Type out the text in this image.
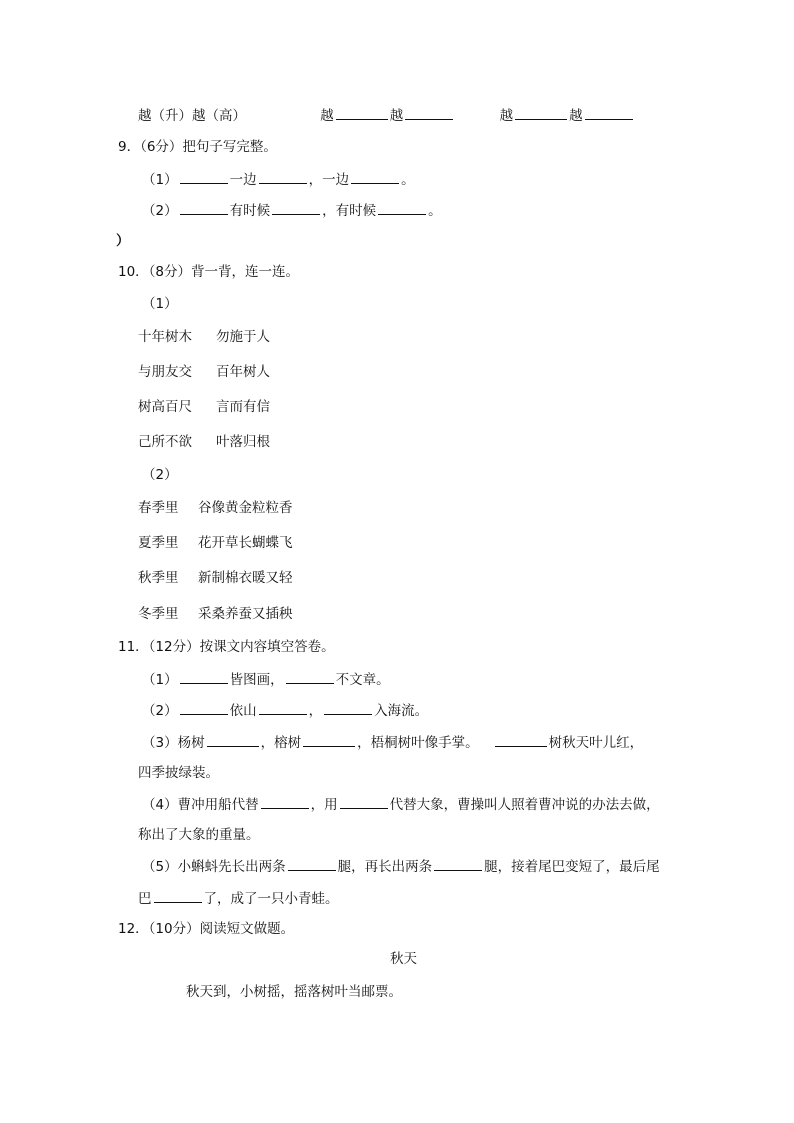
越（升）越（高）	越	越	越	越
9．（6分）把句子写完整。
（1）	一边	，一边	。
（2）	有时候	，有时候	。
）
10．（8分）背一背，连一连。
（1）
十年树木 勿施于人
与朋友交 百年树人
树高百尺 言而有信
己所不欲 叶落归根
（2）
春季里 谷像黄金粒粒香
夏季里 花开草长蝴蝶飞
秋季里 新制棉衣暖又轻
冬季里 采桑养蚕又插秧
11．（12分）按课文内容填空答卷。
（1）	皆图画，	不文章。
（2）	依山	，	入海流。
（3）杨树	，榕树	，梧桐树叶像手掌。	树秋天叶儿红，
四季披绿装。
（4）曹冲用船代替	，用	代替大象，曹操叫人照着曹冲说的办法去做，
称出了大象的重量。
（5）小蝌蚪先长出两条	腿，再长出两条	腿，接着尾巴变短了，最后尾
巴	了，成了一只小青蛙。
12．（10分）阅读短文做题。
秋天
秋天到，小树摇，摇落树叶当邮票。
